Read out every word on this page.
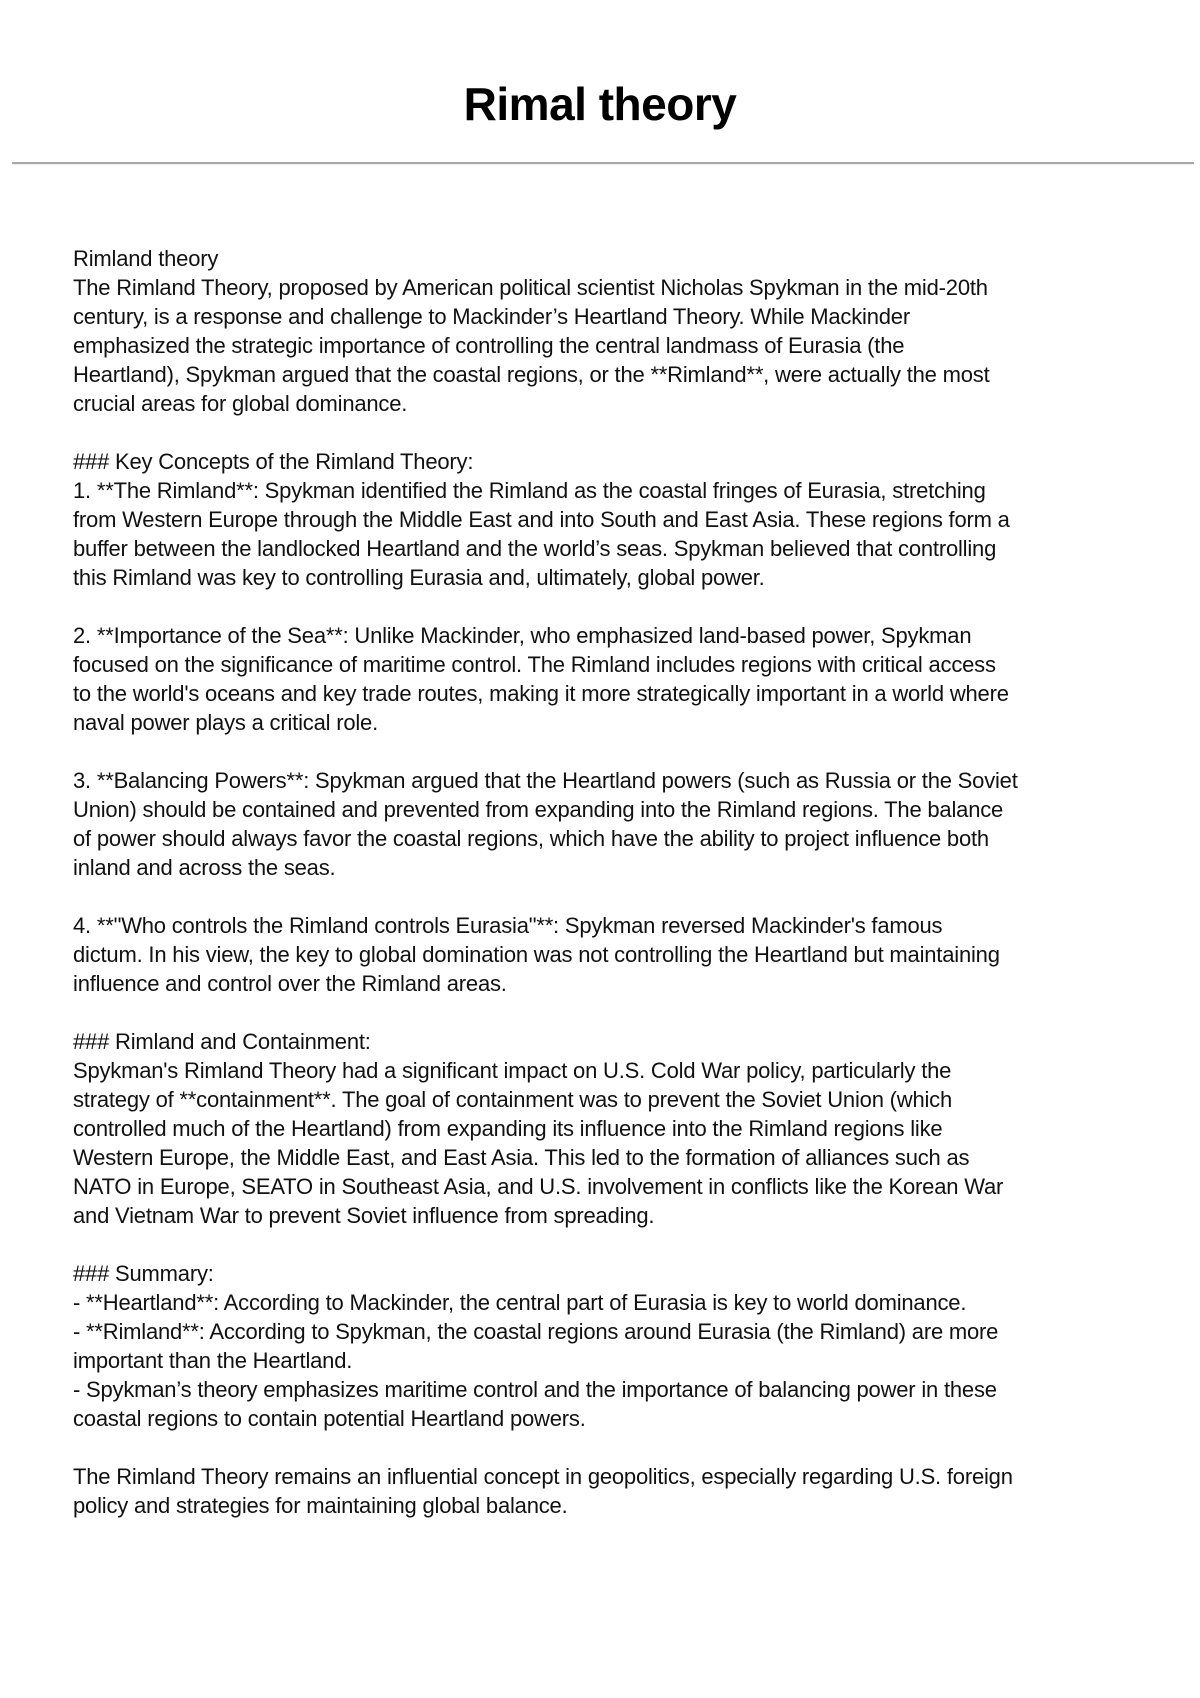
Rimal theory
Rimland theory
The Rimland Theory, proposed by American political scientist Nicholas Spykman in the mid-20th
century, is a response and challenge to Mackinder’s Heartland Theory. While Mackinder
emphasized the strategic importance of controlling the central landmass of Eurasia (the
Heartland), Spykman argued that the coastal regions, or the **Rimland**, were actually the most
crucial areas for global dominance.
### Key Concepts of the Rimland Theory:
1. **The Rimland**: Spykman identified the Rimland as the coastal fringes of Eurasia, stretching
from Western Europe through the Middle East and into South and East Asia. These regions form a
buffer between the landlocked Heartland and the world’s seas. Spykman believed that controlling
this Rimland was key to controlling Eurasia and, ultimately, global power.
2. **Importance of the Sea**: Unlike Mackinder, who emphasized land-based power, Spykman
focused on the significance of maritime control. The Rimland includes regions with critical access
to the world's oceans and key trade routes, making it more strategically important in a world where
naval power plays a critical role.
3. **Balancing Powers**: Spykman argued that the Heartland powers (such as Russia or the Soviet
Union) should be contained and prevented from expanding into the Rimland regions. The balance
of power should always favor the coastal regions, which have the ability to project influence both
inland and across the seas.
4. **"Who controls the Rimland controls Eurasia"**: Spykman reversed Mackinder's famous
dictum. In his view, the key to global domination was not controlling the Heartland but maintaining
influence and control over the Rimland areas.
### Rimland and Containment:
Spykman's Rimland Theory had a significant impact on U.S. Cold War policy, particularly the
strategy of **containment**. The goal of containment was to prevent the Soviet Union (which
controlled much of the Heartland) from expanding its influence into the Rimland regions like
Western Europe, the Middle East, and East Asia. This led to the formation of alliances such as
NATO in Europe, SEATO in Southeast Asia, and U.S. involvement in conflicts like the Korean War
and Vietnam War to prevent Soviet influence from spreading.
### Summary:
- **Heartland**: According to Mackinder, the central part of Eurasia is key to world dominance.
- **Rimland**: According to Spykman, the coastal regions around Eurasia (the Rimland) are more
important than the Heartland.
- Spykman’s theory emphasizes maritime control and the importance of balancing power in these
coastal regions to contain potential Heartland powers.
The Rimland Theory remains an influential concept in geopolitics, especially regarding U.S. foreign
policy and strategies for maintaining global balance.
